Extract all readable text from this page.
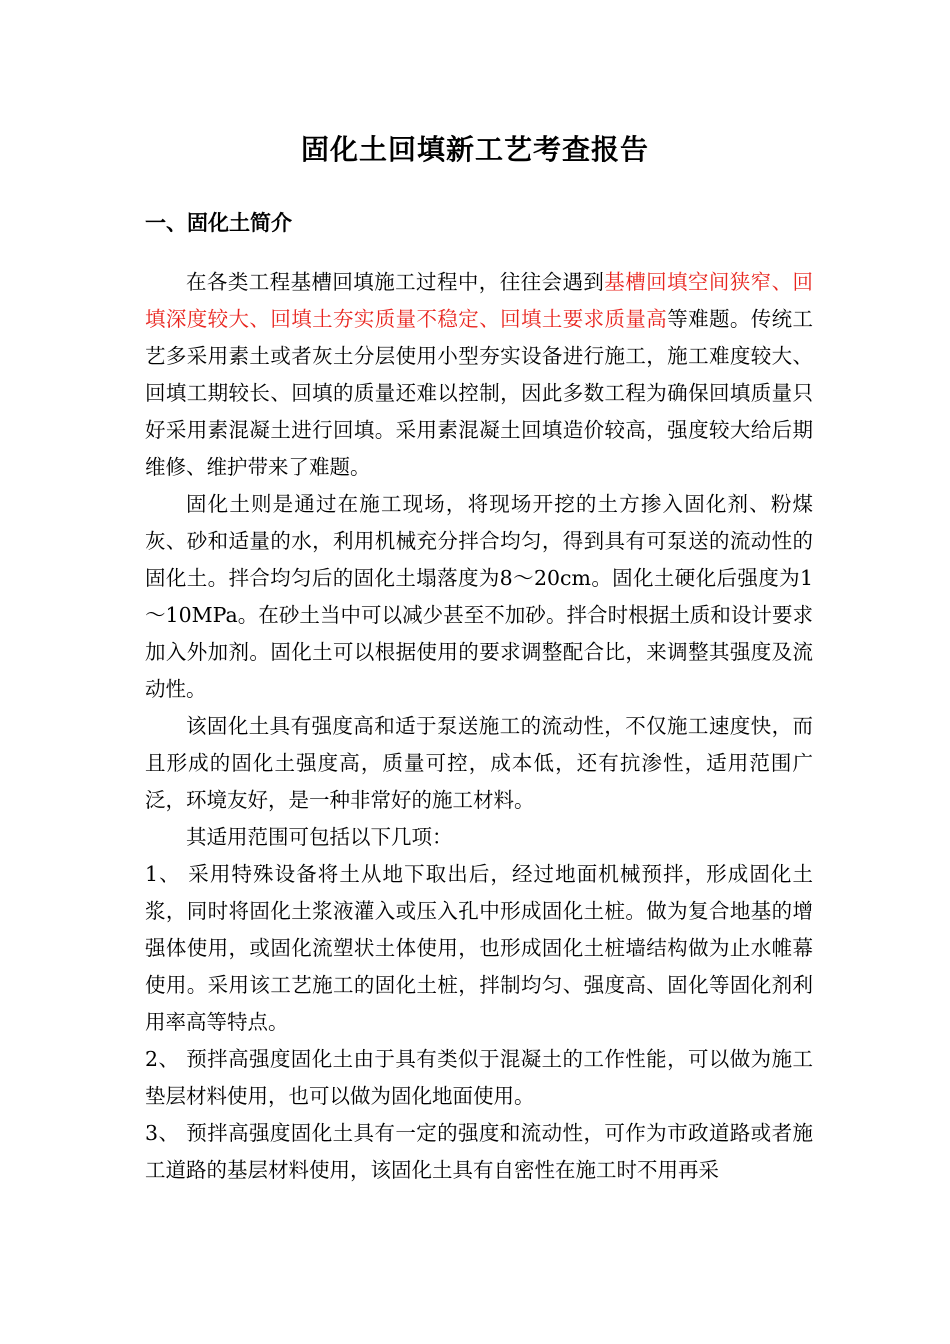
固化土回填新工艺考查报告
一、固化土简介

在各类工程基槽回填施工过程中，往往会遇到基槽回填空间狭窄、回填深度较大、回填土夯实质量不稳定、回填土要求质量高等难题。传统工艺多采用素土或者灰土分层使用小型夯实设备进行施工，施工难度较大、回填工期较长、回填的质量还难以控制，因此多数工程为确保回填质量只好采用素混凝土进行回填。采用素混凝土回填造价较高，强度较大给后期维修、维护带来了难题。

固化土则是通过在施工现场，将现场开挖的土方掺入固化剂、粉煤灰、砂和适量的水，利用机械充分拌合均匀，得到具有可泵送的流动性的固化土。拌合均匀后的固化土塌落度为8～20cm。固化土硬化后强度为1～10MPa。在砂土当中可以减少甚至不加砂。拌合时根据土质和设计要求加入外加剂。固化土可以根据使用的要求调整配合比，来调整其强度及流动性。

该固化土具有强度高和适于泵送施工的流动性，不仅施工速度快，而且形成的固化土强度高，质量可控，成本低，还有抗渗性，适用范围广泛，环境友好，是一种非常好的施工材料。

其适用范围可包括以下几项：

1、 采用特殊设备将土从地下取出后，经过地面机械预拌，形成固化土浆，同时将固化土浆液灌入或压入孔中形成固化土桩。做为复合地基的增强体使用，或固化流塑状土体使用，也形成固化土桩墙结构做为止水帷幕使用。采用该工艺施工的固化土桩，拌制均匀、强度高、固化等固化剂利用率高等特点。

2、 预拌高强度固化土由于具有类似于混凝土的工作性能，可以做为施工垫层材料使用，也可以做为固化地面使用。

3、 预拌高强度固化土具有一定的强度和流动性，可作为市政道路或者施工道路的基层材料使用，该固化土具有自密性在施工时不用再采
